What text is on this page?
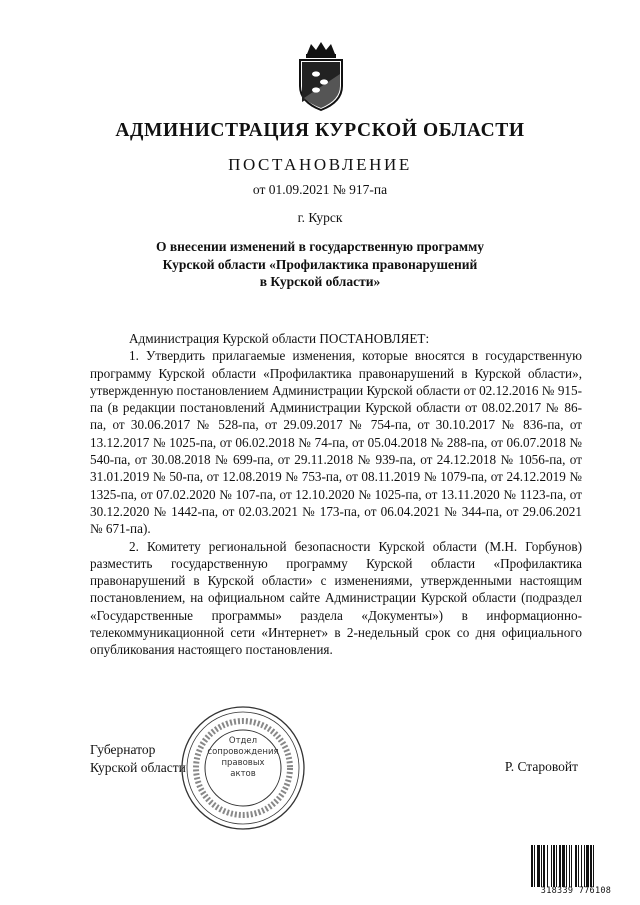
АДМИНИСТРАЦИЯ КУРСКОЙ ОБЛАСТИ
ПОСТАНОВЛЕНИЕ
от 01.09.2021 № 917-па
г. Курск
О внесении изменений в государственную программу
Курской области «Профилактика правонарушений
в Курской области»

Администрация Курской области ПОСТАНОВЛЯЕТ:

1. Утвердить прилагаемые изменения, которые вносятся в государственную программу Курской области «Профилактика правонарушений в Курской области», утвержденную постановлением Администрации Курской области от 02.12.2016 № 915-па (в редакции постановлений Администрации Курской области от 08.02.2017 № 86-па, от 30.06.2017 № 528-па, от 29.09.2017 № 754-па, от 30.10.2017 № 836-па, от 13.12.2017 № 1025-па, от 06.02.2018 № 74-па, от 05.04.2018 № 288-па, от 06.07.2018 № 540-па, от 30.08.2018 № 699-па, от 29.11.2018 № 939-па, от 24.12.2018 № 1056-па, от 31.01.2019 № 50-па, от 12.08.2019 № 753-па, от 08.11.2019 № 1079-па, от 24.12.2019 № 1325-па, от 07.02.2020 № 107-па, от 12.10.2020 № 1025-па, от 13.11.2020 № 1123-па, от 30.12.2020 № 1442-па, от 02.03.2021 № 173-па, от 06.04.2021 № 344-па, от 29.06.2021 № 671-па).

2. Комитету региональной безопасности Курской области (М.Н. Горбунов) разместить государственную программу Курской области «Профилактика правонарушений в Курской области» с изменениями, утвержденными настоящим постановлением, на официальном сайте Администрации Курской области (подраздел «Государственные программы» раздела «Документы») в информационно-телекоммуникационной сети «Интернет» в 2-недельный срок со дня официального опубликования настоящего постановления.

Губернатор
Курской области	Р. Старовойт
Отдел
сопровождения
правовых
актов
318339 776108
